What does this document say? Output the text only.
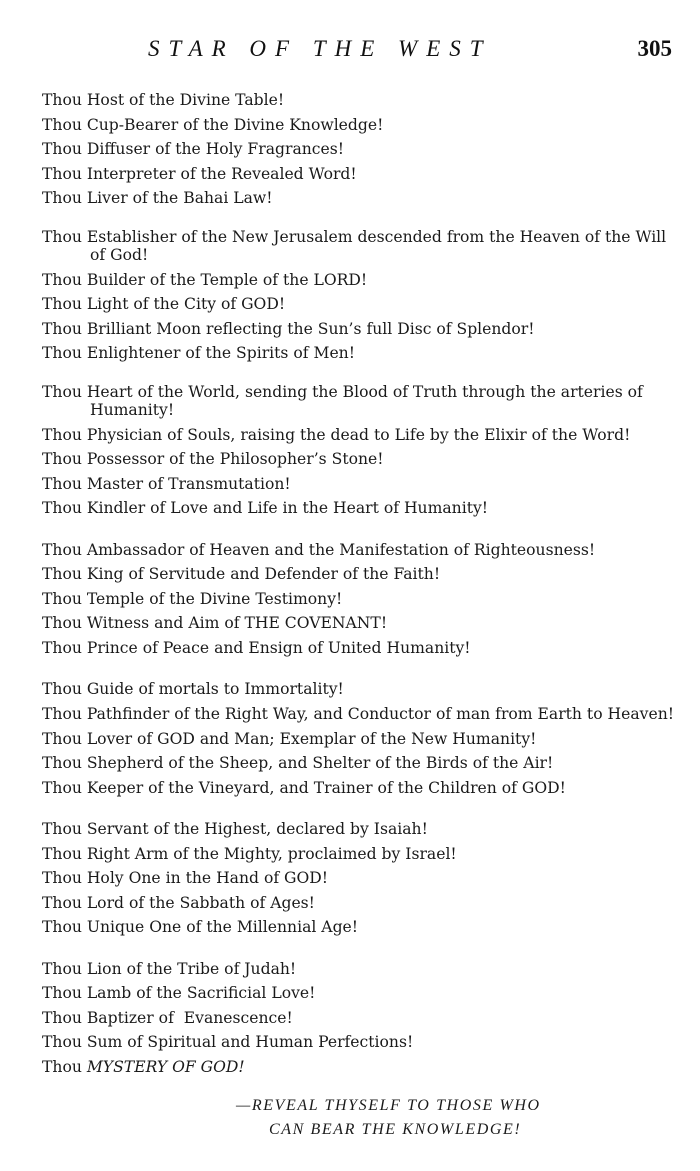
STAR OF THE WEST	305
Thou Host of the Divine Table!
Thou Cup-Bearer of the Divine Knowledge!
Thou Diffuser of the Holy Fragrances!
Thou Interpreter of the Revealed Word!
Thou Liver of the Bahai Law!
Thou Establisher of the New Jerusalem descended from the Heaven of the Will of God!
Thou Builder of the Temple of the LORD!
Thou Light of the City of GOD!
Thou Brilliant Moon reflecting the Sun’s full Disc of Splendor!
Thou Enlightener of the Spirits of Men!
Thou Heart of the World, sending the Blood of Truth through the arteries of Humanity!
Thou Physician of Souls, raising the dead to Life by the Elixir of the Word!
Thou Possessor of the Philosopher’s Stone!
Thou Master of Transmutation!
Thou Kindler of Love and Life in the Heart of Humanity!
Thou Ambassador of Heaven and the Manifestation of Righteousness!
Thou King of Servitude and Defender of the Faith!
Thou Temple of the Divine Testimony!
Thou Witness and Aim of THE COVENANT!
Thou Prince of Peace and Ensign of United Humanity!
Thou Guide of mortals to Immortality!
Thou Pathfinder of the Right Way, and Conductor of man from Earth to Heaven!
Thou Lover of GOD and Man; Exemplar of the New Humanity!
Thou Shepherd of the Sheep, and Shelter of the Birds of the Air!
Thou Keeper of the Vineyard, and Trainer of the Children of GOD!
Thou Servant of the Highest, declared by Isaiah!
Thou Right Arm of the Mighty, proclaimed by Israel!
Thou Holy One in the Hand of GOD!
Thou Lord of the Sabbath of Ages!
Thou Unique One of the Millennial Age!
Thou Lion of the Tribe of Judah!
Thou Lamb of the Sacrificial Love!
Thou Baptizer of  Evanescence!
Thou Sum of Spiritual and Human Perfections!
Thou MYSTERY OF GOD!
—REVEAL THYSELF TO THOSE WHO
CAN BEAR THE KNOWLEDGE!
